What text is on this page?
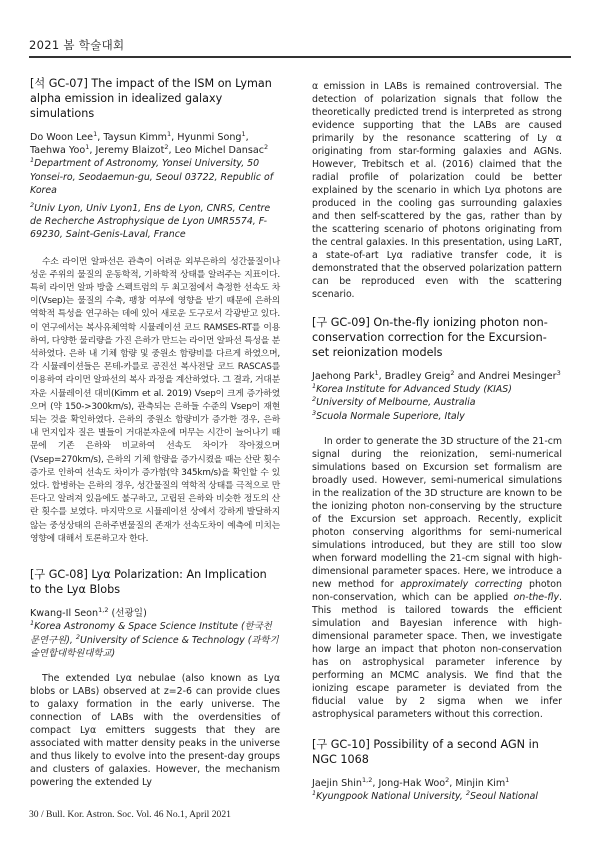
2021 봄 학술대회
[석 GC-07] The impact of the ISM on Lyman alpha emission in idealized galaxy simulations

Do Woon Lee$^1$, Taysun Kimm$^1$, Hyunmi Song$^1$, Taehwa Yoo$^1$, Jeremy Blaizot$^2$, Leo Michel Dansac$^2$

$^1$Department of Astronomy, Yonsei University, 50 Yonsei-ro, Seodaemun-gu, Seoul 03722, Republic of Korea

$^2$Univ Lyon, Univ Lyon1, Ens de Lyon, CNRS, Centre de Recherche Astrophysique de Lyon UMR5574, F-69230, Saint-Genis-Laval, France

수소 라이먼 알파선은 관측이 어려운 외부은하의 성간물질이나 성운 주위의 물질의 운동학적, 기하학적 상태를 알려주는 지표이다. 특히 라이먼 알파 방출 스펙트럼의 두 최고점에서 측정한 선속도 차이(Vsep)는 물질의 수축, 팽창 여부에 영향을 받기 때문에 은하의 역학적 특성을 연구하는 데에 있어 새로운 도구로서 각광받고 있다. 이 연구에서는 복사유체역학 시뮬레이션 코드 RAMSES-RT를 이용하여, 다양한 물리량을 가진 은하가 만드는 라이먼 알파선 특성을 분석하였다. 은하 내 기체 함량 및 중원소 함량비를 다르게 하였으며, 각 시뮬레이션들은 몬테-카를로 공진선 복사전달 코드 RASCAS를 이용하여 라이먼 알파선의 복사 과정을 계산하였다. 그 결과, 거대분자운 시뮬레이션 대비(Kimm et al. 2019) Vsep이 크게 증가하였으며 (약 150->300km/s), 관측되는 은하들 수준의 Vsep이 재현되는 것을 확인하였다. 은하의 중원소 함량비가 증가한 경우, 은하 내 먼지입자 질은 별들이 거대분자운에 머무는 시간이 늘어나기 때문에 기존 은하와 비교하여 선속도 차이가 작아졌으며(Vsep=270km/s), 은하의 기체 함량을 증가시켰을 때는 산란 횟수 증가로 인하여 선속도 차이가 증가함(약 345km/s)을 확인할 수 있었다. 합병하는 은하의 경우, 성간물질의 역학적 상태를 극적으로 만든다고 알려져 있음에도 불구하고, 고립된 은하와 비슷한 정도의 산란 횟수를 보였다. 마지막으로 시뮬레이션 상에서 강하게 발달하지 않는 중성상태의 은하주변물질의 존재가 선속도차이 예측에 미치는 영향에 대해서 토론하고자 한다.

[구 GC-08] Lyα Polarization: An Implication to the Lyα Blobs

Kwang-Il Seon$^{1,2}$ (선광일)

$^1$Korea Astronomy & Space Science Institute (한국천문연구원), $^2$University of Science & Technology (과학기술연합대학원대학교)

The extended Lyα nebulae (also known as Lyα blobs or LABs) observed at z=2-6 can provide clues to galaxy formation in the early universe. The connection of LABs with the overdensities of compact Lyα emitters suggests that they are associated with matter density peaks in the universe and thus likely to evolve into the present-day groups and clusters of galaxies. However, the mechanism powering the extended Ly

α emission in LABs is remained controversial. The detection of polarization signals that follow the theoretically predicted trend is interpreted as strong evidence supporting that the LABs are caused primarily by the resonance scattering of Ly α originating from star-forming galaxies and AGNs. However, Trebitsch et al. (2016) claimed that the radial profile of polarization could be better explained by the scenario in which Lyα photons are produced in the cooling gas surrounding galaxies and then self-scattered by the gas, rather than by the scattering scenario of photons originating from the central galaxies. In this presentation, using LaRT, a state-of-art Lyα radiative transfer code, it is demonstrated that the observed polarization pattern can be reproduced even with the scattering scenario.

[구 GC-09] On-the-fly ionizing photon non-conservation correction for the Excursion-set reionization models

Jaehong Park$^1$, Bradley Greig$^2$ and Andrei Mesinger$^3$

$^1$Korea Institute for Advanced Study (KIAS)
$^2$University of Melbourne, Australia
$^3$Scuola Normale Superiore, Italy

In order to generate the 3D structure of the 21-cm signal during the reionization, semi-numerical simulations based on Excursion set formalism are broadly used. However, semi-numerical simulations in the realization of the 3D structure are known to be the ionizing photon non-conserving by the structure of the Excursion set approach. Recently, explicit photon conserving algorithms for semi-numerical simulations introduced, but they are still too slow when forward modelling the 21-cm signal with high-dimensional parameter spaces. Here, we introduce a new method for approximately correcting photon non-conservation, which can be applied on-the-fly. This method is tailored towards the efficient simulation and Bayesian inference with high-dimensional parameter space. Then, we investigate how large an impact that photon non-conservation has on astrophysical parameter inference by performing an MCMC analysis. We find that the ionizing escape parameter is deviated from the fiducial value by 2 sigma when we infer astrophysical parameters without this correction.

[구 GC-10] Possibility of a second AGN in NGC 1068

Jaejin Shin$^{1,2}$, Jong-Hak Woo$^2$, Minjin Kim$^1$

$^1$Kyungpook National University, $^2$Seoul National

30 / Bull. Kor. Astron. Soc. Vol. 46 No.1, April 2021
